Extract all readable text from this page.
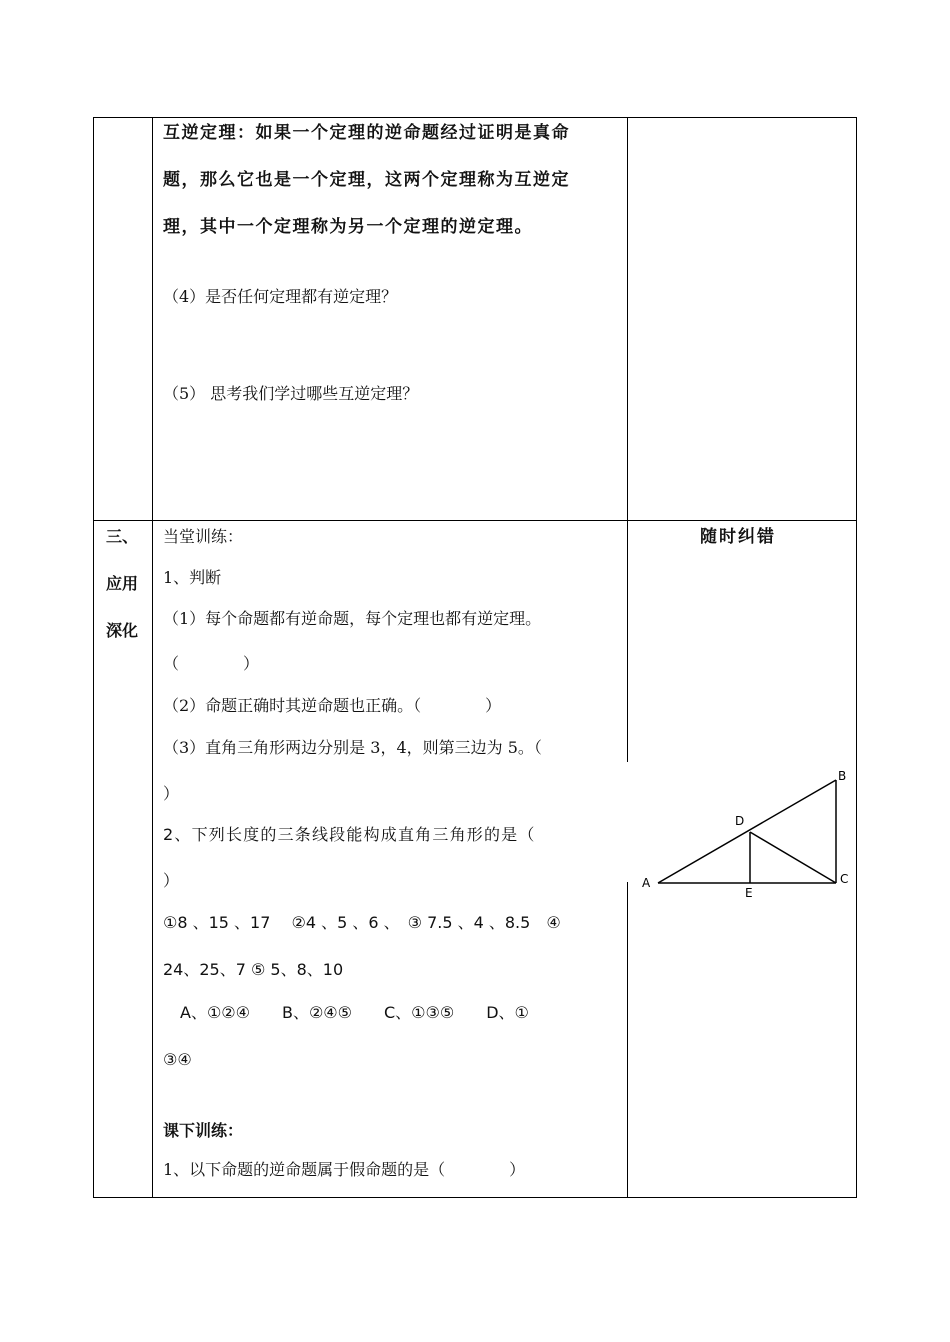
互逆定理：如果一个定理的逆命题经过证明是真命
题，那么它也是一个定理，这两个定理称为互逆定
理，其中一个定理称为另一个定理的逆定理。
（4）是否任何定理都有逆定理？
（5） 思考我们学过哪些互逆定理？
三、
应用
深化
随时纠错
当堂训练：
1、判断
（1）每个命题都有逆命题，每个定理也都有逆定理。
（　　　　）
（2）命题正确时其逆命题也正确。（　　　　）
（3）直角三角形两边分别是 3，4，则第三边为 5。（
）
2、下列长度的三条线段能构成直角三角形的是（
）
①8 、15 、17　 ②4 、5 、6 、　③ 7.5 、4 、8.5　④
24、25、7 ⑤ 5、8、10
A、①②④　　B、②④⑤　　C、①③⑤　　D、①
③④
课下训练：
1、以下命题的逆命题属于假命题的是（　　　　）
A
B
C
D
E
